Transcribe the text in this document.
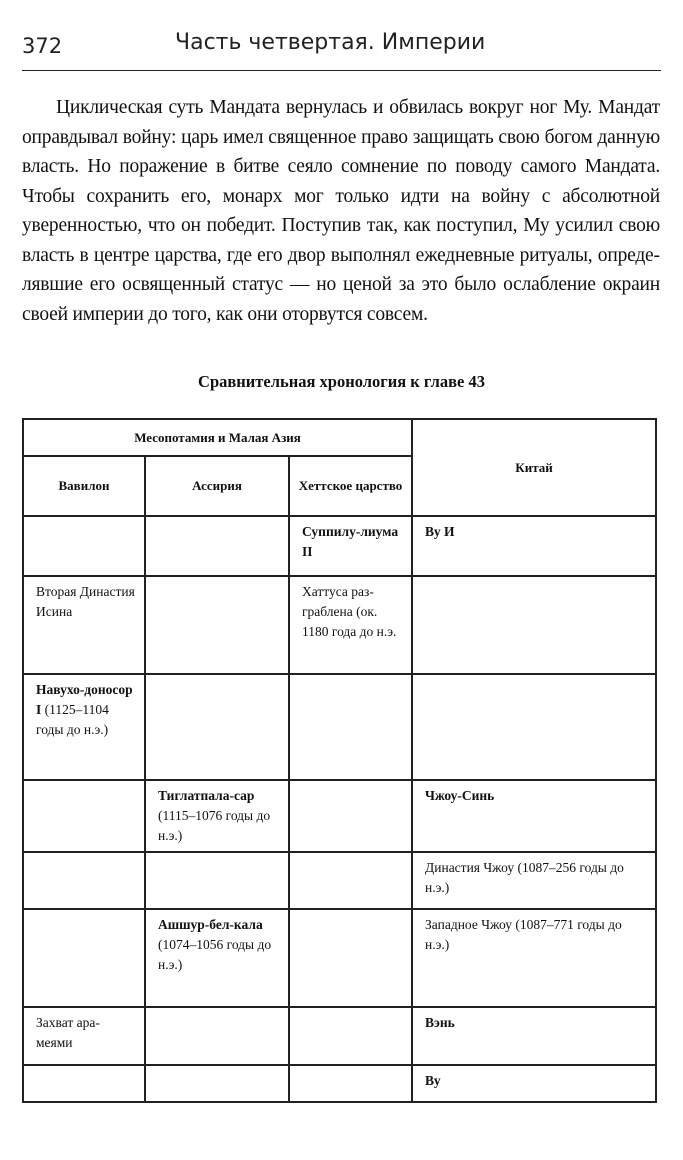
372	Часть четвертая. Империи

Циклическая суть Мандата вернулась и обвилась вокруг ног Му. Мандат оправдывал войну: царь имел священное право защищать свою богом данную власть. Но поражение в битве сеяло сомнение по поводу самого Мандата. Чтобы сохранить его, монарх мог только идти на войну с абсолютной уверенностью, что он победит. Поступив так, как поступил, Му усилил свою власть в центре царства, где его двор выполнял ежедневные ритуалы, определявшие его освященный статус — но ценой за это было ослабление окраин своей империи до того, как они оторвутся совсем.

Сравнительная хронология к главе 43
Месопотамия и Малая Азия			Китай
Вавилон	Ассирия	Хеттское царство	
		Суппилу-лиума II	Ву И
Вторая Династия Исина		Хаттуса раз-граблена (ок. 1180 года до н.э.	
Навухо-доносор I (1125–1104 годы до н.э.)			
	Тиглатпала-сар (1115–1076 годы до н.э.)		Чжоу-Синь
			Династия Чжоу (1087–256 годы до н.э.)
	Ашшур-бел-кала (1074–1056 годы до н.э.)		Западное Чжоу (1087–771 годы до н.э.)
Захват ара-меями			Вэнь
			Ву
